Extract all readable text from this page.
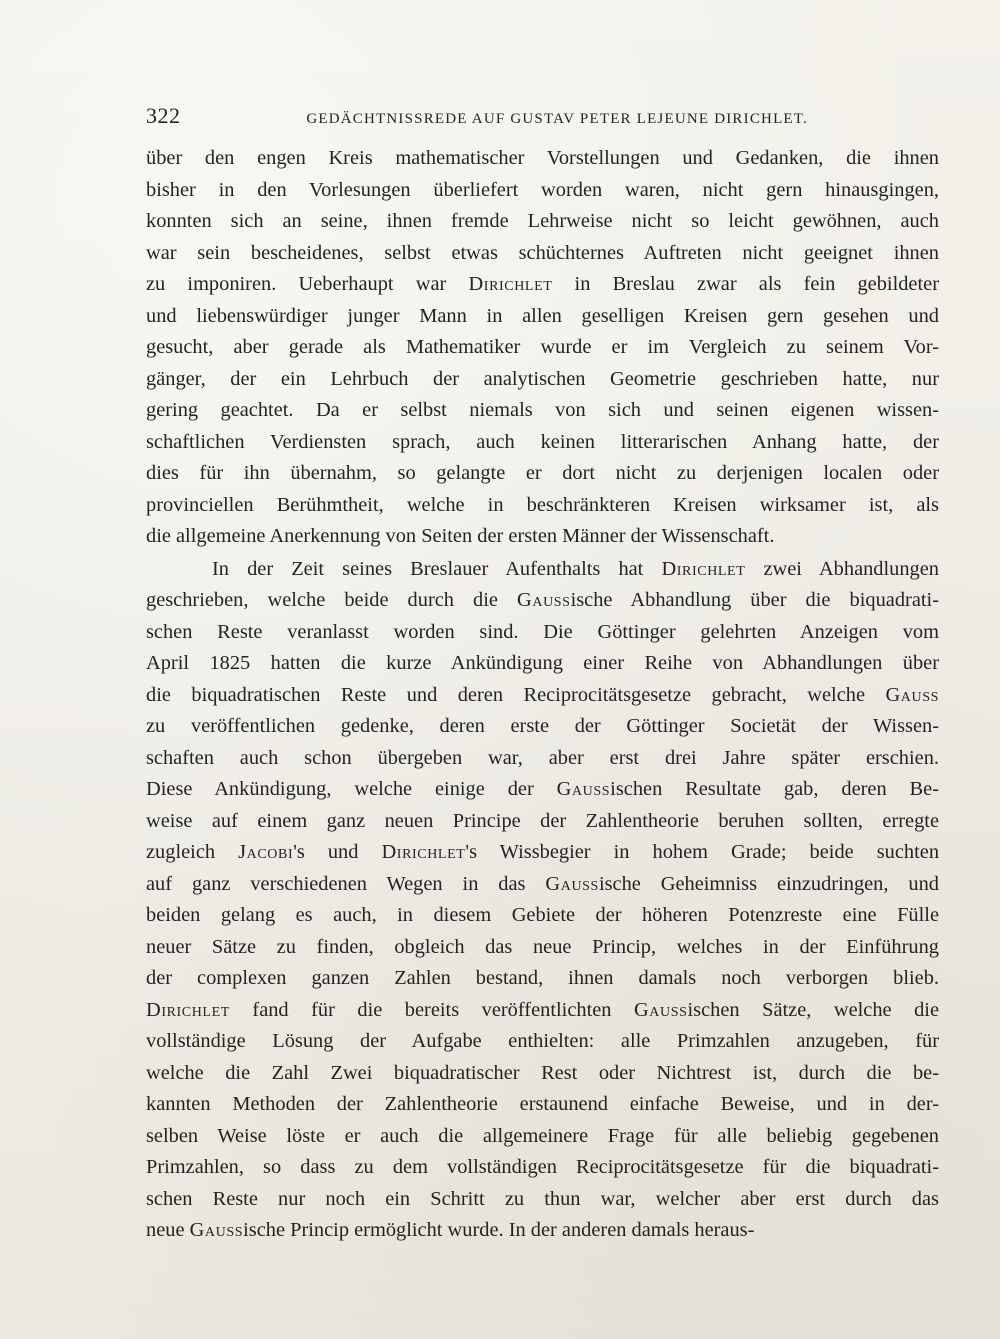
322	GEDÄCHTNISSREDE AUF GUSTAV PETER LEJEUNE DIRICHLET.
über den engen Kreis mathematischer Vorstellungen und Gedanken, die ihnen
bisher in den Vorlesungen überliefert worden waren, nicht gern hinausgingen,
konnten sich an seine, ihnen fremde Lehrweise nicht so leicht gewöhnen, auch
war sein bescheidenes, selbst etwas schüchternes Auftreten nicht geeignet ihnen
zu imponiren. Ueberhaupt war Dirichlet in Breslau zwar als fein gebildeter
und liebenswürdiger junger Mann in allen geselligen Kreisen gern gesehen und
gesucht, aber gerade als Mathematiker wurde er im Vergleich zu seinem Vor-
gänger, der ein Lehrbuch der analytischen Geometrie geschrieben hatte, nur
gering geachtet. Da er selbst niemals von sich und seinen eigenen wissen-
schaftlichen Verdiensten sprach, auch keinen litterarischen Anhang hatte, der
dies für ihn übernahm, so gelangte er dort nicht zu derjenigen localen oder
provinciellen Berühmtheit, welche in beschränkteren Kreisen wirksamer ist, als
die allgemeine Anerkennung von Seiten der ersten Männer der Wissenschaft.
In der Zeit seines Breslauer Aufenthalts hat Dirichlet zwei Abhandlungen
geschrieben, welche beide durch die Gaussische Abhandlung über die biquadrati-
schen Reste veranlasst worden sind. Die Göttinger gelehrten Anzeigen vom
April 1825 hatten die kurze Ankündigung einer Reihe von Abhandlungen über
die biquadratischen Reste und deren Reciprocitätsgesetze gebracht, welche Gauss
zu veröffentlichen gedenke, deren erste der Göttinger Societät der Wissen-
schaften auch schon übergeben war, aber erst drei Jahre später erschien.
Diese Ankündigung, welche einige der Gaussischen Resultate gab, deren Be-
weise auf einem ganz neuen Principe der Zahlentheorie beruhen sollten, erregte
zugleich Jacobi's und Dirichlet's Wissbegier in hohem Grade; beide suchten
auf ganz verschiedenen Wegen in das Gaussische Geheimniss einzudringen, und
beiden gelang es auch, in diesem Gebiete der höheren Potenzreste eine Fülle
neuer Sätze zu finden, obgleich das neue Princip, welches in der Einführung
der complexen ganzen Zahlen bestand, ihnen damals noch verborgen blieb.
Dirichlet fand für die bereits veröffentlichten Gaussischen Sätze, welche die
vollständige Lösung der Aufgabe enthielten: alle Primzahlen anzugeben, für
welche die Zahl Zwei biquadratischer Rest oder Nichtrest ist, durch die be-
kannten Methoden der Zahlentheorie erstaunend einfache Beweise, und in der-
selben Weise löste er auch die allgemeinere Frage für alle beliebig gegebenen
Primzahlen, so dass zu dem vollständigen Reciprocitätsgesetze für die biquadrati-
schen Reste nur noch ein Schritt zu thun war, welcher aber erst durch das
neue Gaussische Princip ermöglicht wurde. In der anderen damals heraus-
